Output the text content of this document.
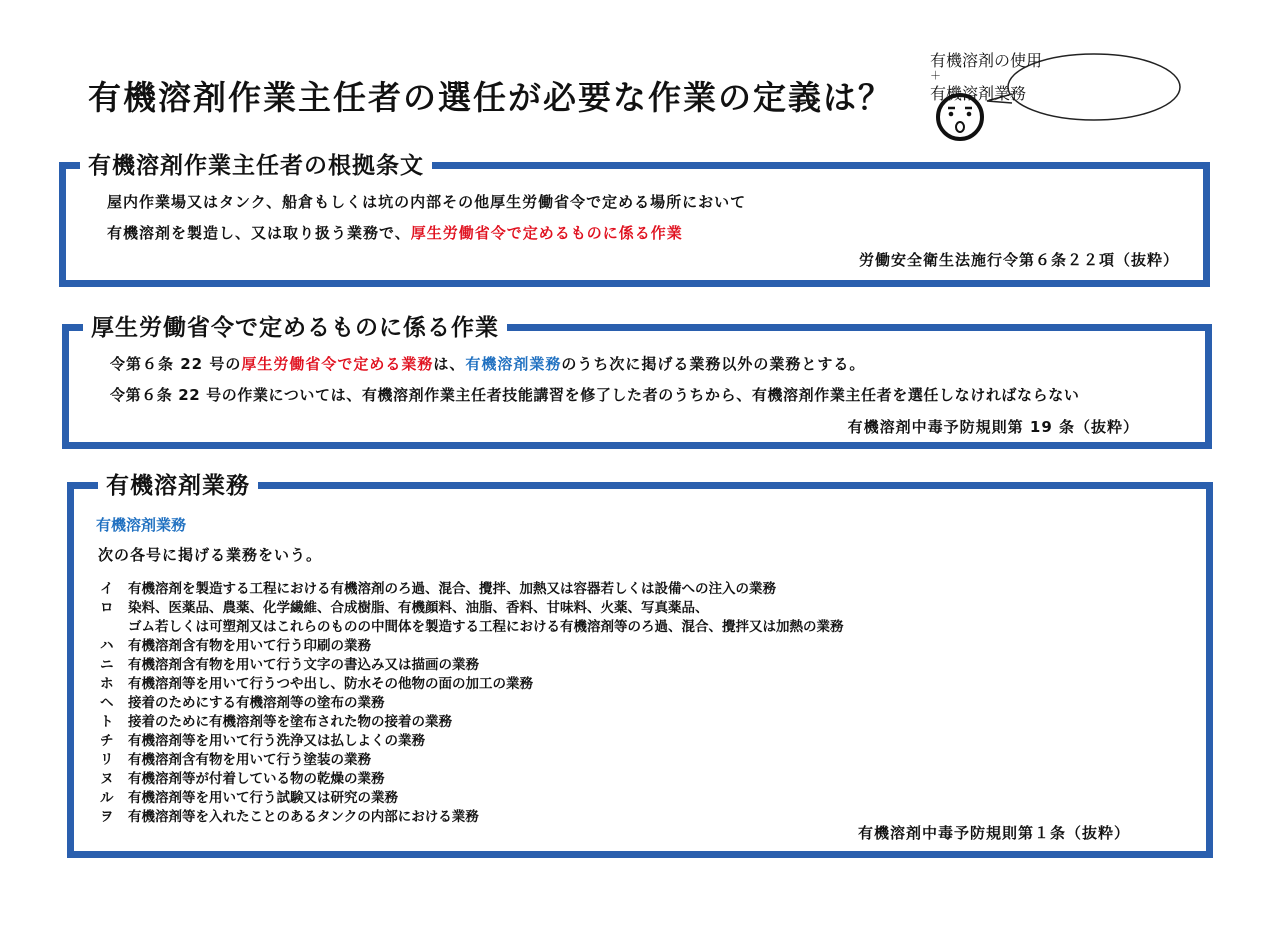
有機溶剤作業主任者の選任が必要な作業の定義は？
有機溶剤の使用
＋
有機溶剤業務
有機溶剤作業主任者の根拠条文
屋内作業場又はタンク、船倉もしくは坑の内部その他厚生労働省令で定める場所において
有機溶剤を製造し、又は取り扱う業務で、厚生労働省令で定めるものに係る作業
労働安全衛生法施行令第６条２２項（抜粋）
厚生労働省令で定めるものに係る作業
令第６条 22 号の厚生労働省令で定める業務は、有機溶剤業務のうち次に掲げる業務以外の業務とする。
令第６条 22 号の作業については、有機溶剤作業主任者技能講習を修了した者のうちから、有機溶剤作業主任者を選任しなければならない
有機溶剤中毒予防規則第 19 条（抜粋）
有機溶剤業務
有機溶剤業務
次の各号に掲げる業務をいう。
イ	有機溶剤を製造する工程における有機溶剤のろ過、混合、攪拌、加熱又は容器若しくは設備への注入の業務
ロ	染料、医薬品、農薬、化学繊維、合成樹脂、有機顔料、油脂、香料、甘味料、火薬、写真薬品、
ゴム若しくは可塑剤又はこれらのものの中間体を製造する工程における有機溶剤等のろ過、混合、攪拌又は加熱の業務
ハ	有機溶剤含有物を用いて行う印刷の業務
ニ	有機溶剤含有物を用いて行う文字の書込み又は描画の業務
ホ	有機溶剤等を用いて行うつや出し、防水その他物の面の加工の業務
ヘ	接着のためにする有機溶剤等の塗布の業務
ト	接着のために有機溶剤等を塗布された物の接着の業務
チ	有機溶剤等を用いて行う洗浄又は払しよくの業務
リ	有機溶剤含有物を用いて行う塗装の業務
ヌ	有機溶剤等が付着している物の乾燥の業務
ル	有機溶剤等を用いて行う試験又は研究の業務
ヲ	有機溶剤等を入れたことのあるタンクの内部における業務
有機溶剤中毒予防規則第１条（抜粋）
